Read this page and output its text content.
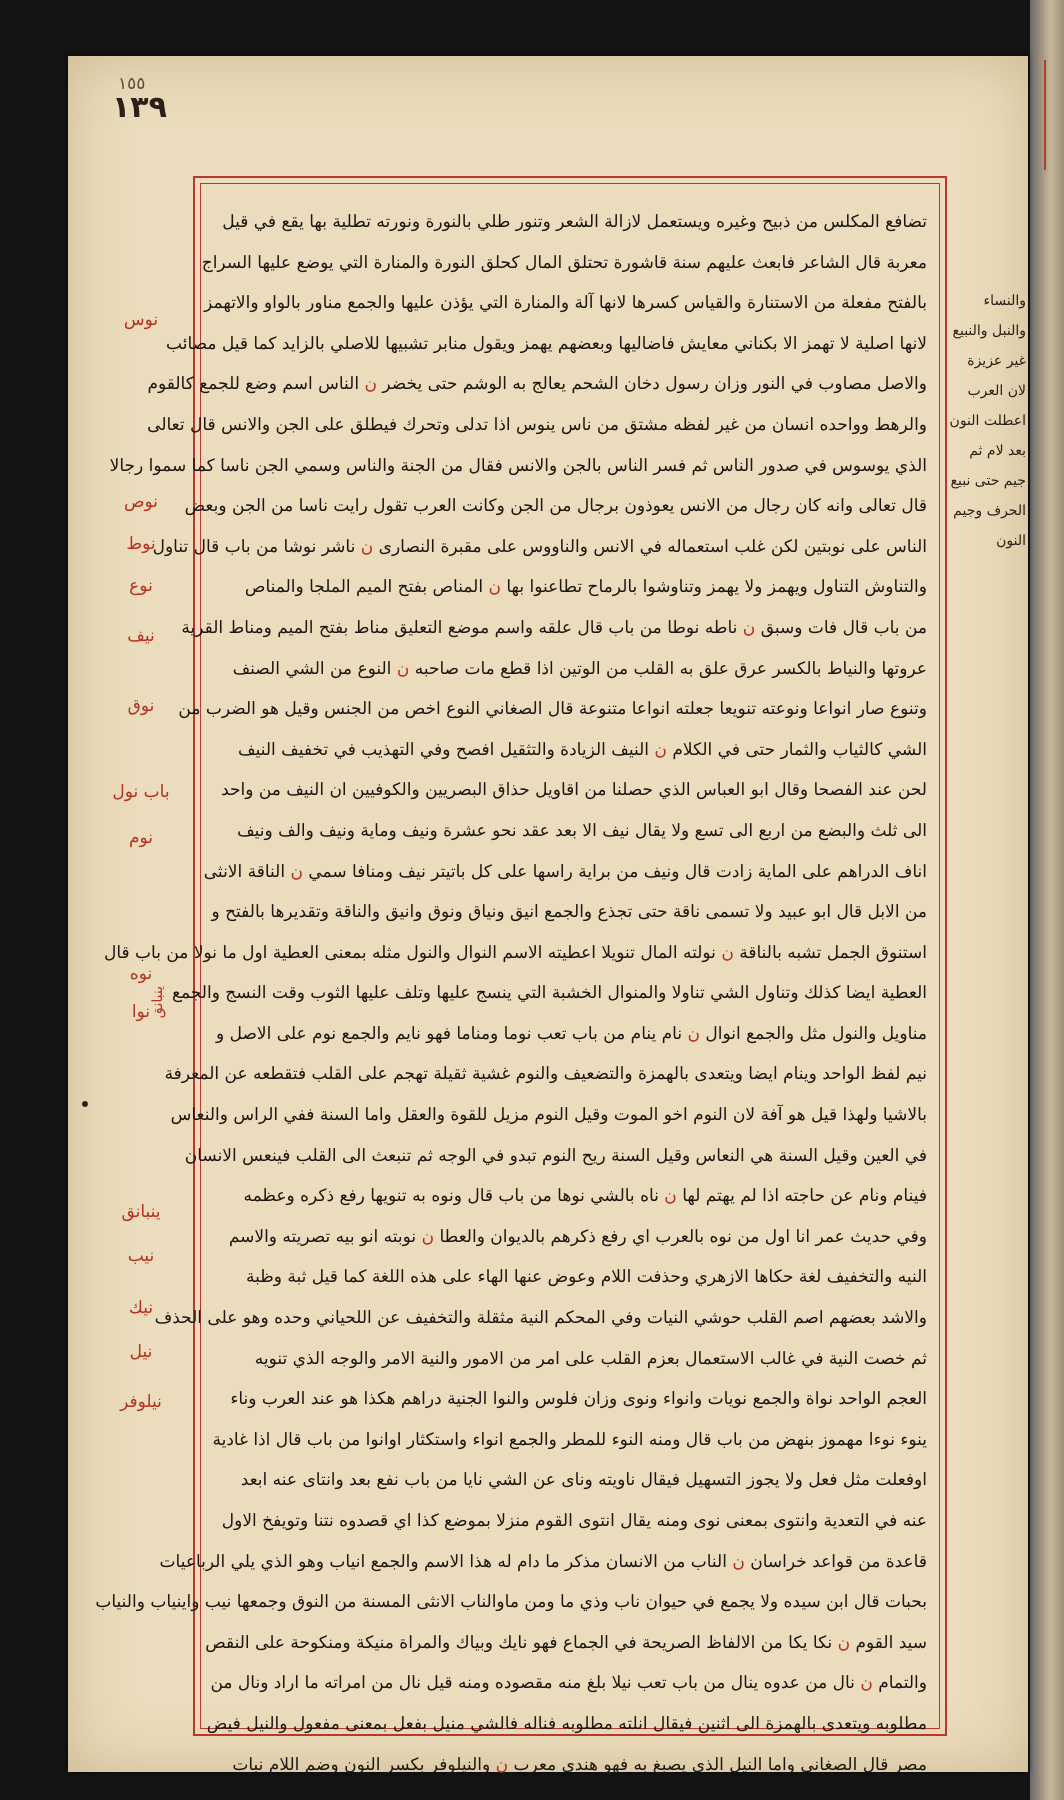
١٥٥
١٣٩
نوس
نوص
نوط
نوع
نيف
نوق
باب نول
نوم
نوه
نوا
ينبانق
نيب
نيك
نيل
نيلوفر
ينبانق
والنساء والنبل والنبيع غير عزيزة لان العرب اعطلت النون بعد لام ثم جيم حتى نبيع الحرف وجيم النون
تضافع المكلس من ذبيح وغيره ويستعمل لازالة الشعر وتنور طلي بالنورة ونورته تطلية بها يقع في قيل
معربة قال الشاعر فابعث عليهم سنة قاشورة تحتلق المال كحلق النورة والمنارة التي يوضع عليها السراج
بالفتح مفعلة من الاستنارة والقياس كسرها لانها آلة والمنارة التي يؤذن عليها والجمع مناور بالواو والاتهمز
لانها اصلية لا تهمز الا بكناني معايش فاضاليها وبعضهم يهمز ويقول منابر تشبيها للاصلي بالزايد كما قيل مصائب
والاصل مصاوب في النور وزان رسول دخان الشحم يعالج به الوشم حتى يخضر ن الناس اسم وضع للجمع كالقوم
والرهط وواحده انسان من غير لفظه مشتق من ناس ينوس اذا تدلى وتحرك فيطلق على الجن والانس قال تعالى
الذي يوسوس في صدور الناس ثم فسر الناس بالجن والانس فقال من الجنة والناس وسمي الجن ناسا كما سموا رجالا
قال تعالى وانه كان رجال من الانس يعوذون برجال من الجن وكانت العرب تقول رايت ناسا من الجن وبعض
الناس على نوبتين لكن غلب استعماله في الانس والناووس على مقبرة النصارى ن ناشر نوشا من باب قال تناول
والتناوش التناول ويهمز ولا يهمز وتناوشوا بالرماح تطاعنوا بها ن المناص بفتح الميم الملجا والمناص
من باب قال فات وسبق ن ناطه نوطا من باب قال علقه واسم موضع التعليق مناط بفتح الميم ومناط القرية
عروتها والنياط بالكسر عرق علق به القلب من الوتين اذا قطع مات صاحبه ن النوع من الشي الصنف
وتنوع صار انواعا ونوعته تنويعا جعلته انواعا متنوعة قال الصغاني النوع اخص من الجنس وقيل هو الضرب من
الشي كالثياب والثمار حتى في الكلام ن النيف الزيادة والتثقيل افصح وفي التهذيب في تخفيف النيف
لحن عند الفصحا وقال ابو العباس الذي حصلنا من اقاويل حذاق البصريين والكوفيين ان النيف من واحد
الى ثلث والبضع من اربع الى تسع ولا يقال نيف الا بعد عقد نحو عشرة ونيف وماية ونيف والف ونيف
اناف الدراهم على الماية زادت قال ونيف من براية راسها على كل باتيتر نيف ومنافا سمي ن الناقة الانثى
من الابل قال ابو عبيد ولا تسمى ناقة حتى تجذع والجمع انيق ونياق ونوق وانيق والناقة وتقديرها بالفتح و
استنوق الجمل تشبه بالناقة ن نولته المال تنويلا اعطيته الاسم النوال والنول مثله بمعنى العطية اول ما نولا من باب قال
العطية ايضا كذلك وتناول الشي تناولا والمنوال الخشبة التي ينسج عليها وتلف عليها الثوب وقت النسج والجمع
مناويل والنول مثل والجمع انوال ن نام ينام من باب تعب نوما ومناما فهو نايم والجمع نوم على الاصل و
نيم لفظ الواحد وينام ايضا ويتعدى بالهمزة والتضعيف والنوم غشية ثقيلة تهجم على القلب فتقطعه عن المعرفة
بالاشيا ولهذا قيل هو آفة لان النوم اخو الموت وقيل النوم مزيل للقوة والعقل واما السنة ففي الراس والنعاس
في العين وقيل السنة هي النعاس وقيل السنة ريح النوم تبدو في الوجه ثم تنبعث الى القلب فينعس الانسان
فينام ونام عن حاجته اذا لم يهتم لها ن ناه بالشي نوها من باب قال ونوه به تنويها رفع ذكره وعظمه
وفي حديث عمر انا اول من نوه بالعرب اي رفع ذكرهم بالديوان والعطا ن نوبته انو بيه تصريته والاسم
النيه والتخفيف لغة حكاها الازهري وحذفت اللام وعوض عنها الهاء على هذه اللغة كما قيل ثبة وظبة
والاشد بعضهم اصم القلب حوشي النيات وفي المحكم النية مثقلة والتخفيف عن اللحياني وحده وهو على الحذف
ثم خصت النية في غالب الاستعمال بعزم القلب على امر من الامور والنية الامر والوجه الذي تنويه
العجم الواحد نواة والجمع نويات وانواء ونوى وزان فلوس والنوا الجنية دراهم هكذا هو عند العرب وناء
ينوء نوءا مهموز بنهض من باب قال ومنه النوء للمطر والجمع انواء واستكثار اوانوا من باب قال اذا غادية
اوفعلت مثل فعل ولا يجوز التسهيل فيقال ناويته وناى عن الشي نايا من باب نفع بعد وانتاى عنه ابعد
عنه في التعدية وانتوى بمعنى نوى ومنه يقال انتوى القوم منزلا بموضع كذا اي قصدوه نتنا وتويفخ الاول
قاعدة من قواعد خراسان ن الناب من الانسان مذكر ما دام له هذا الاسم والجمع انياب وهو الذي يلي الرباعيات
بحبات قال ابن سيده ولا يجمع في حيوان ناب وذي ما ومن ماوالناب الانثى المسنة من النوق وجمعها نيب واينياب والنياب
سيد القوم ن نكا يكا من الالفاظ الصريحة في الجماع فهو نايك وبياك والمراة منيكة ومنكوحة على النقص
والتمام ن نال من عدوه ينال من باب تعب نيلا بلغ منه مقصوده ومنه قيل نال من امراته ما اراد ونال من
مطلوبه ويتعدى بالهمزة الى اثنين فيقال انلته مطلوبه فناله فالشي منيل بفعل بمعنى مفعول والنيل فيض
مصر قال الصغاني واما النيل الذي يصبغ به فهو هندي معرب ن والنيلوفر بكسر النون وضم اللام نبات
